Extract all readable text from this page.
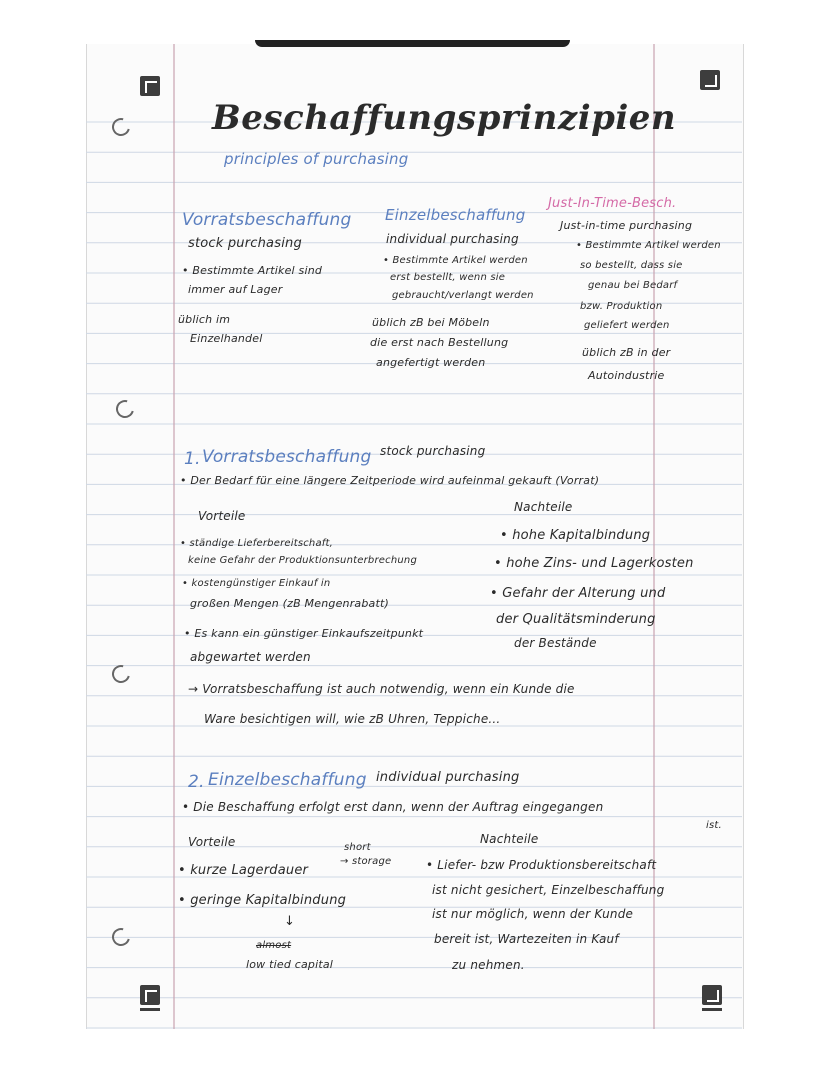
Beschaffungsprinzipien
principles of purchasing
Vorratsbeschaffung
stock purchasing
• Bestimmte Artikel sind
immer auf Lager
üblich im
Einzelhandel
Einzelbeschaffung
individual purchasing
• Bestimmte Artikel werden
erst bestellt, wenn sie
gebraucht/verlangt werden
üblich zB bei Möbeln
die erst nach Bestellung
angefertigt werden
Just-In-Time-Besch.
Just-in-time purchasing
• Bestimmte Artikel werden
so bestellt, dass sie
genau bei Bedarf
bzw. Produktion
geliefert werden
üblich zB in der
Autoindustrie
1. Vorratsbeschaffung stock purchasing
• Der Bedarf für eine längere Zeitperiode wird aufeinmal gekauft (Vorrat)
Vorteile
Nachteile
• ständige Lieferbereitschaft,
keine Gefahr der Produktionsunterbrechung
• kostengünstiger Einkauf in
großen Mengen (zB Mengenrabatt)
• Es kann ein günstiger Einkaufszeitpunkt
abgewartet werden
• hohe Kapitalbindung
• hohe Zins- und Lagerkosten
• Gefahr der Alterung und
der Qualitätsminderung
der Bestände
→ Vorratsbeschaffung ist auch notwendig, wenn ein Kunde die
Ware besichtigen will, wie zB Uhren, Teppiche...
2. Einzelbeschaffung individual purchasing
• Die Beschaffung erfolgt erst dann, wenn der Auftrag eingegangen
ist.
Vorteile	Nachteile
• kurze Lagerdauer
• geringe Kapitalbindung
short
→ storage
↓
almost
low tied capital
• Liefer- bzw Produktionsbereitschaft
ist nicht gesichert, Einzelbeschaffung
ist nur möglich, wenn der Kunde
bereit ist, Wartezeiten in Kauf
zu nehmen.
